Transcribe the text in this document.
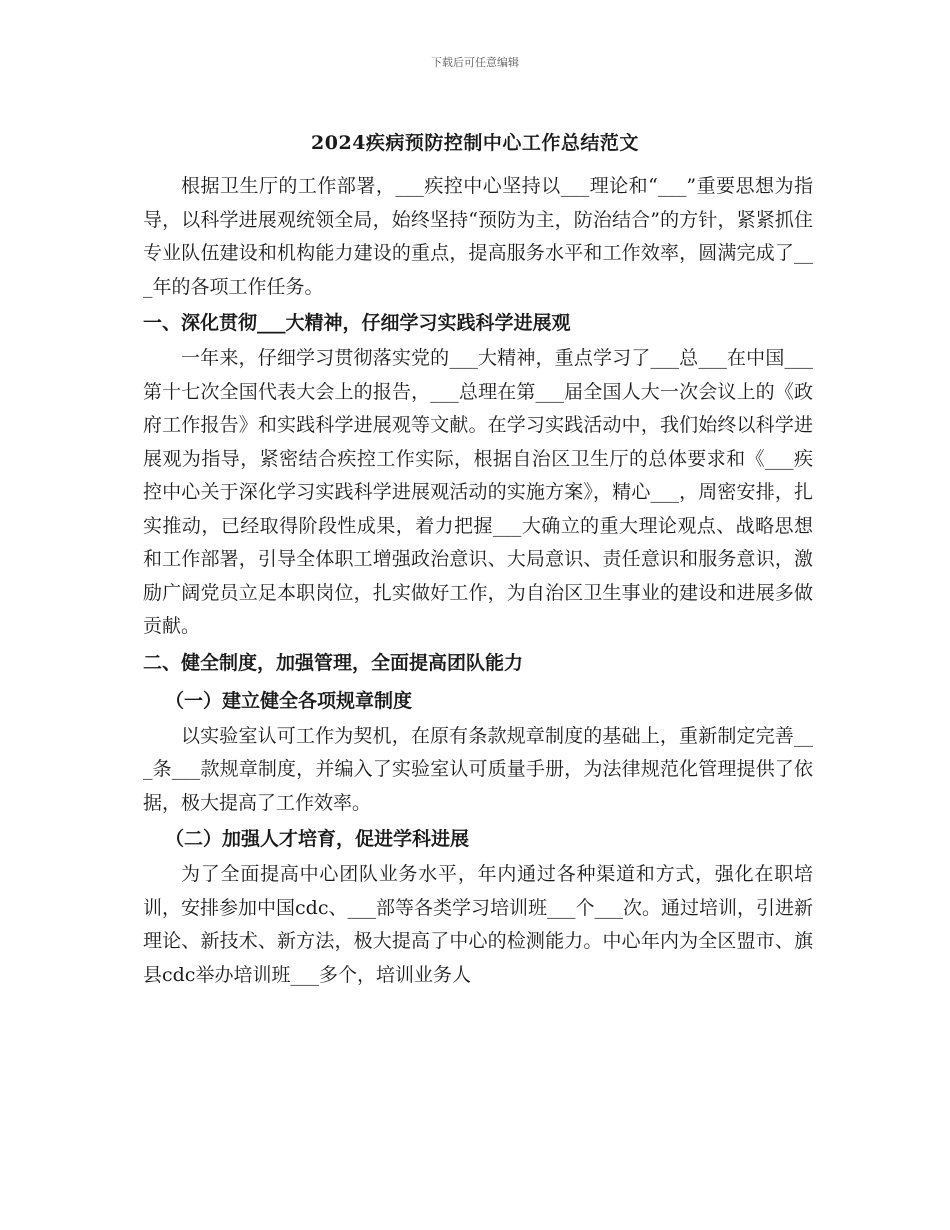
下载后可任意编辑
2024疾病预防控制中心工作总结范文

根据卫生厅的工作部署，___疾控中心坚持以___理论和“___”重要思想为指导，以科学进展观统领全局，始终坚持“预防为主，防治结合”的方针，紧紧抓住专业队伍建设和机构能力建设的重点，提高服务水平和工作效率，圆满完成了___年的各项工作任务。

一、深化贯彻___大精神，仔细学习实践科学进展观

一年来，仔细学习贯彻落实党的___大精神，重点学习了___总___在中国___第十七次全国代表大会上的报告，___总理在第___届全国人大一次会议上的《政府工作报告》和实践科学进展观等文献。在学习实践活动中，我们始终以科学进展观为指导，紧密结合疾控工作实际，根据自治区卫生厅的总体要求和《___疾控中心关于深化学习实践科学进展观活动的实施方案》，精心___，周密安排，扎实推动，已经取得阶段性成果，着力把握___大确立的重大理论观点、战略思想和工作部署，引导全体职工增强政治意识、大局意识、责任意识和服务意识，激励广阔党员立足本职岗位，扎实做好工作，为自治区卫生事业的建设和进展多做贡献。

二、健全制度，加强管理，全面提高团队能力

（一）建立健全各项规章制度

以实验室认可工作为契机，在原有条款规章制度的基础上，重新制定完善___条___款规章制度，并编入了实验室认可质量手册，为法律规范化管理提供了依据，极大提高了工作效率。

（二）加强人才培育，促进学科进展

为了全面提高中心团队业务水平，年内通过各种渠道和方式，强化在职培训，安排参加中国cdc、___部等各类学习培训班___个___次。通过培训，引进新理论、新技术、新方法，极大提高了中心的检测能力。中心年内为全区盟市、旗县cdc举办培训班___多个，培训业务人
